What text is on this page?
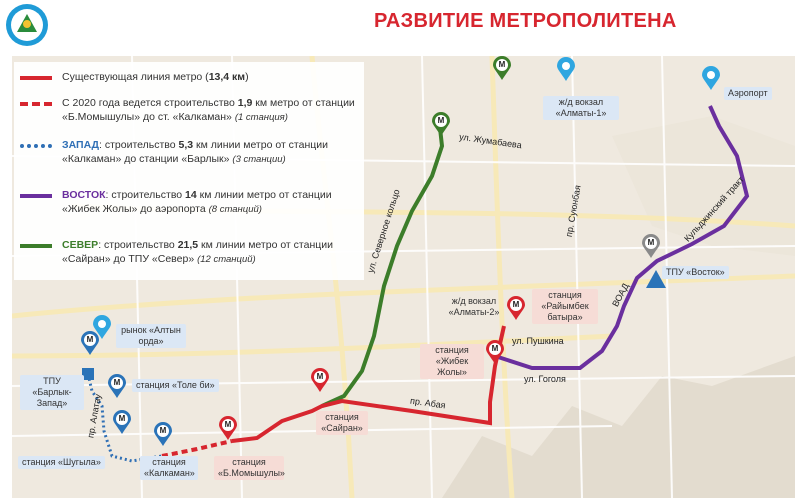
РАЗВИТИЕ МЕТРОПОЛИТЕНА
М
М
М
М
М
М
М
М
М
М
М
ж/д вокзал «Алматы-1»
Аэропорт
ж/д вокзал «Алматы-2»
станция «Райымбек батыра»
станция «Жибек Жолы»
ТПУ «Восток»
рынок «Алтын орда»
ТПУ «Барлык-Запад»
станция «Толе би»
станция «Сайран»
станция «Шугыла»	станция «Калкаман»
станция «Б.Момышулы»
ул. Жумабаева
ул. Северное кольцо	пр. Суюнбая	Кульджинский тракт
ВОАД
ул. Пушкина
ул. Гоголя
пр. Абая
пр. Алатау
Существующая линия метро (13,4 км)
С 2020 года ведется строительство 1,9 км метро от станции «Б.Момышулы» до ст. «Калкаман» (1 станция)
ЗАПАД: строительство 5,3 км линии метро от станции «Калкаман» до станции «Барлык» (3 станции)
ВОСТОК: строительство 14 км линии метро от станции «Жибек Жолы» до аэропорта (8 станций)
СЕВЕР: строительство 21,5 км линии метро от станции «Сайран» до ТПУ «Север» (12 станций)
